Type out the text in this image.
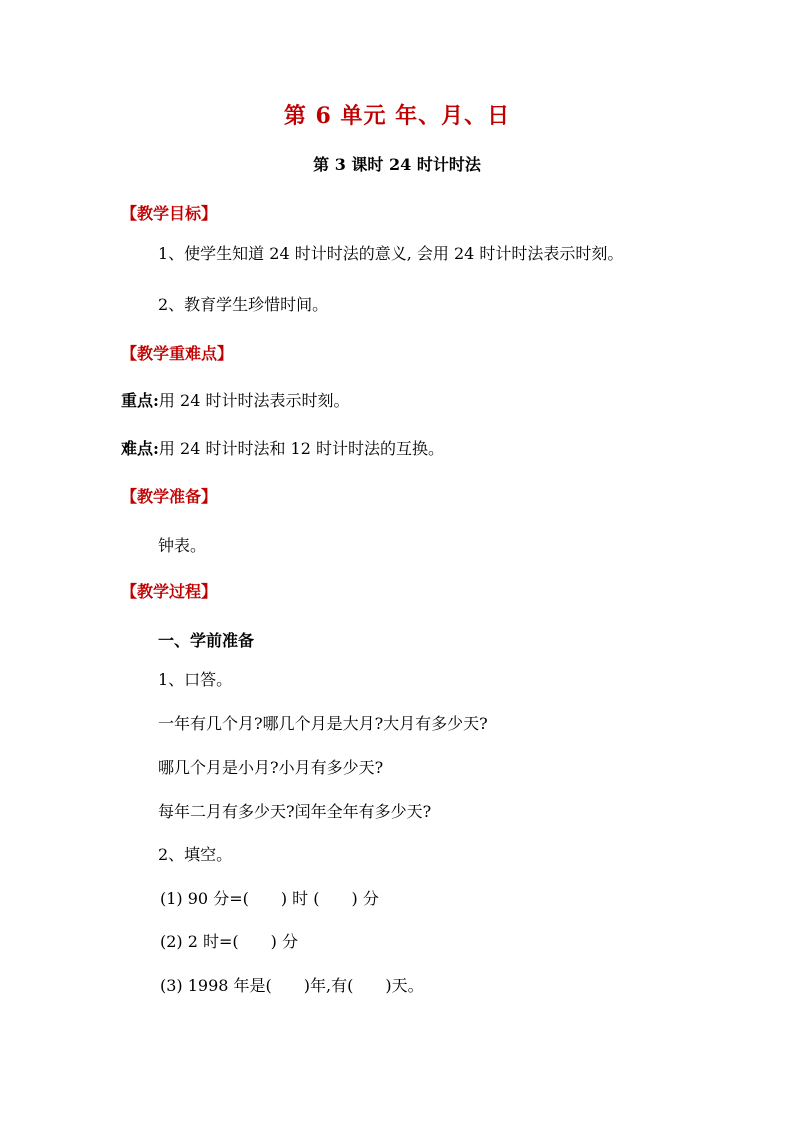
第 6 单元 年、月、日
第 3 课时 24 时计时法
【教学目标】
1、使学生知道 24 时计时法的意义, 会用 24 时计时法表示时刻。
2、教育学生珍惜时间。
【教学重难点】
重点:用 24 时计时法表示时刻。
难点:用 24 时计时法和 12 时计时法的互换。
【教学准备】
钟表。
【教学过程】
一、学前准备
1、口答。
一年有几个月?哪几个月是大月?大月有多少天?
哪几个月是小月?小月有多少天?
每年二月有多少天?闰年全年有多少天?
2、填空。
(1) 90 分=(　　) 时 (　　) 分
(2) 2 时=(　　) 分
(3) 1998 年是(　　)年,有(　　)天。
